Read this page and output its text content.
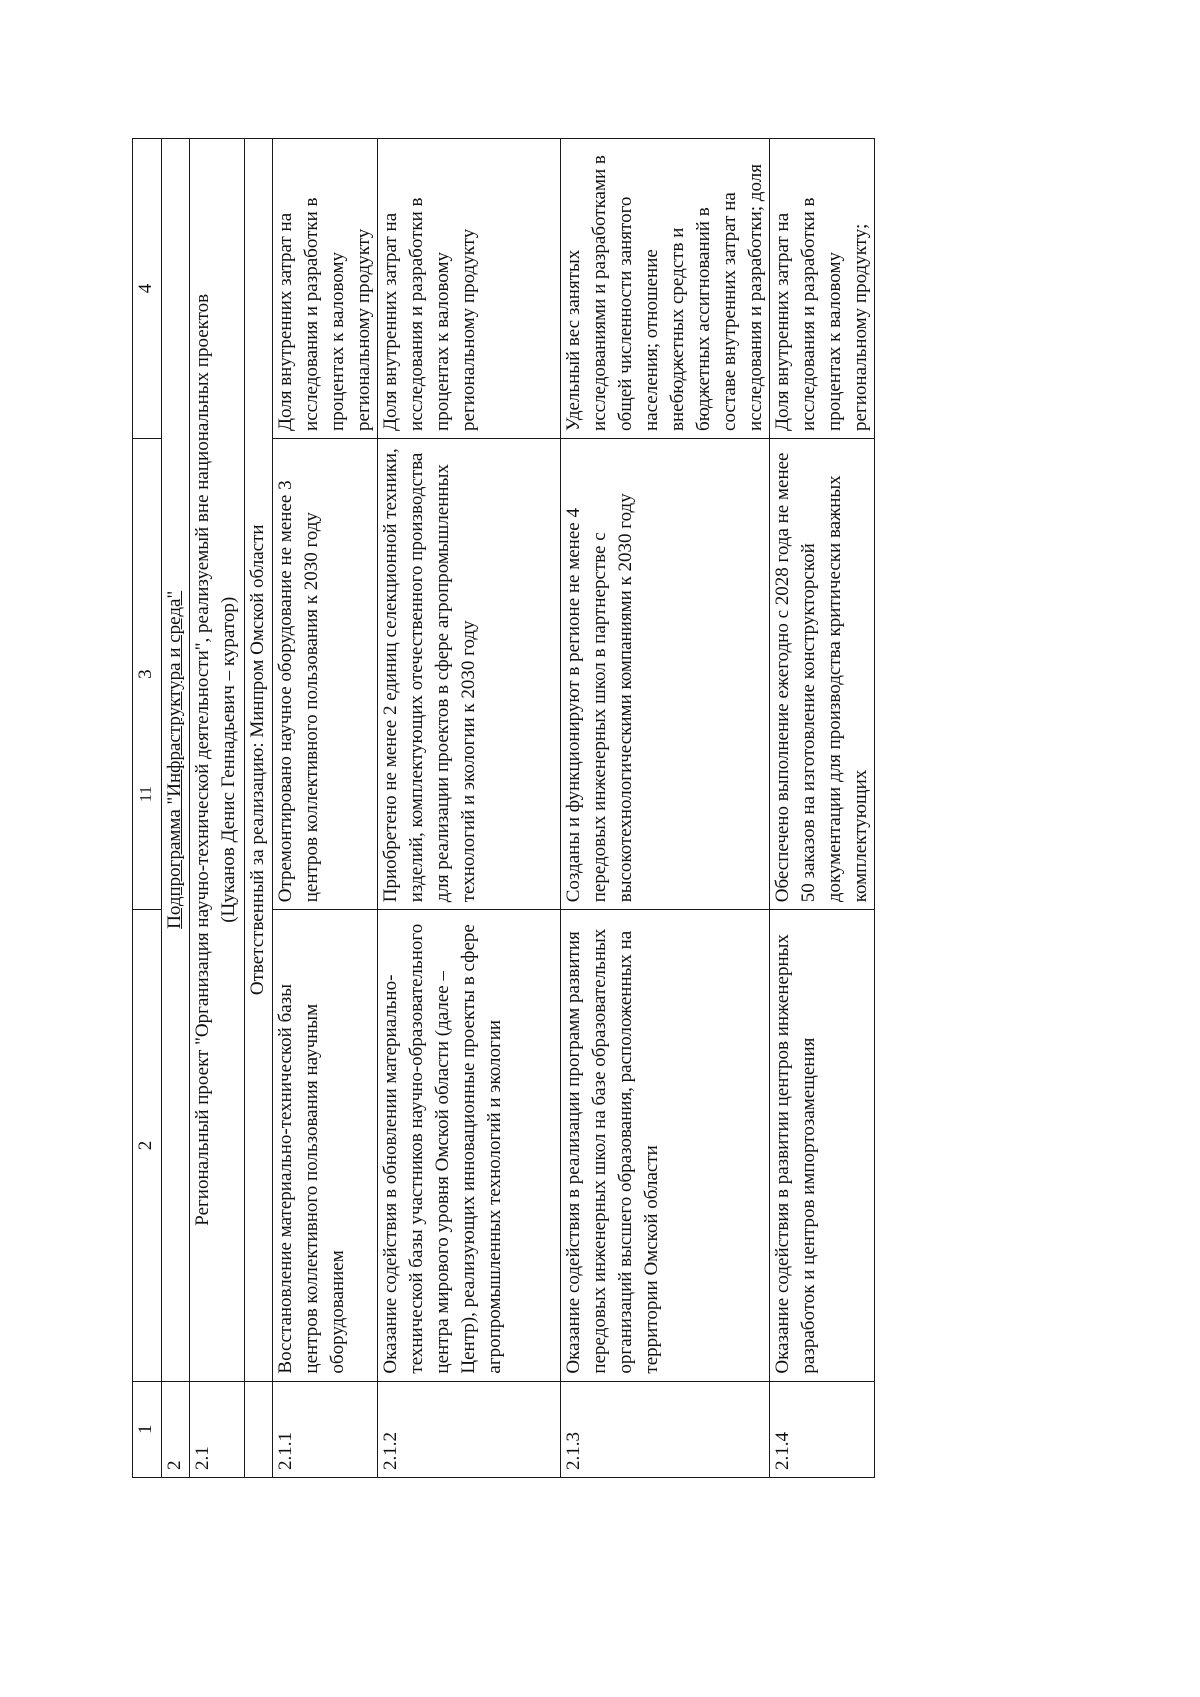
11
1	2	3	4
2	Подпрограмма "Инфраструктура и среда"		
2.1	Региональный проект "Организация научно-технической деятельности", реализуемый вне национальных проектов (Цуканов Денис Геннадьевич – куратор)		

	Ответственный за реализацию: Минпром Омской области		
2.1.1	Восстановление материально-технической базы центров коллективного пользования научным оборудованием	Отремонтировано научное оборудование не менее 3 центров коллективного пользования к 2030 году	Доля внутренних затрат на исследования и разработки в процентах к валовому региональному продукту

2.1.2	Оказание содействия в обновлении материально-технической базы участников научно-образовательного центра мирового уровня Омской области (далее – Центр), реализующих инновационные проекты в сфере агропромышленных технологий и экологии	Приобретено не менее 2 единиц селекционной техники, изделий, комплектующих отечественного производства для реализации проектов в сфере агропромышленных технологий и экологии к 2030 году	Доля внутренних затрат на исследования и разработки в процентах к валовому региональному продукту

2.1.3	Оказание содействия в реализации программ развития передовых инженерных школ на базе образовательных организаций высшего образования, расположенных на территории Омской области	Созданы и функционируют в регионе не менее 4 передовых инженерных школ в партнерстве с высокотехнологическими компаниями к 2030 году	Удельный вес занятых исследованиями и разработками в общей численности занятого населения; отношение внебюджетных средств и бюджетных ассигнований в составе внутренних затрат на исследования и разработки; доля

2.1.4	Оказание содействия в развитии центров инженерных разработок и центров импортозамещения	Обеспечено выполнение ежегодно с 2028 года не менее 50 заказов на изготовление конструкторской документации для производства критически важных комплектующих	Доля внутренних затрат на исследования и разработки в процентах к валовому региональному продукту;
